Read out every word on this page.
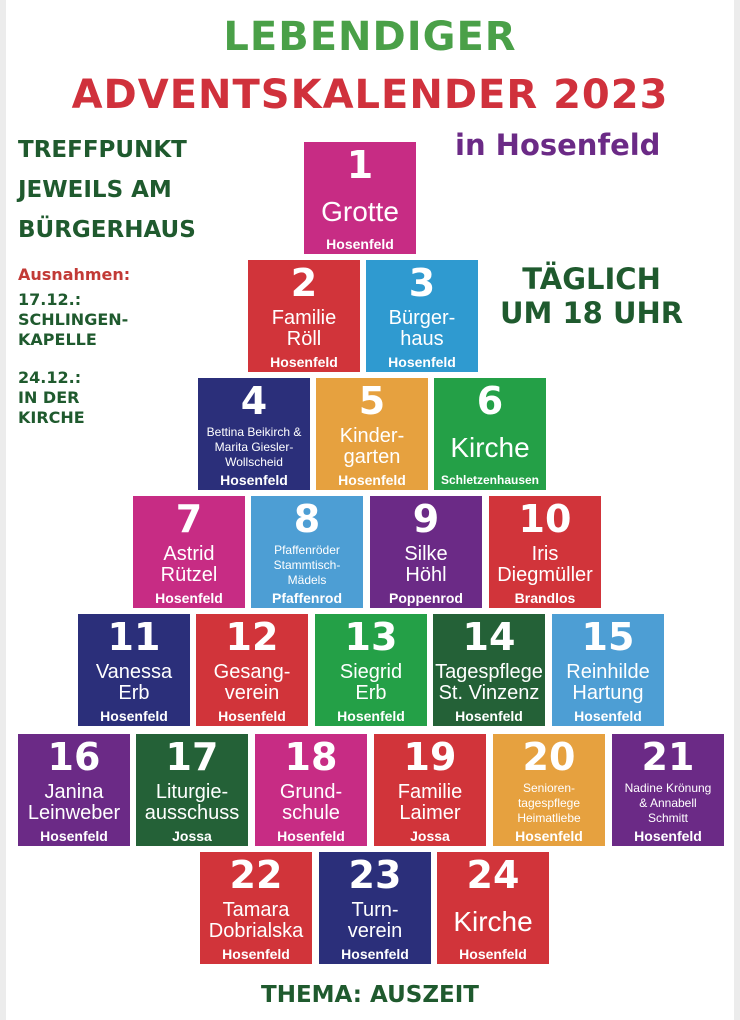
LEBENDIGER
ADVENTSKALENDER 2023
TREFFPUNKT
JEWEILS AM
BÜRGERHAUS
in Hosenfeld
Ausnahmen:
17.12.:
SCHLINGEN-
KAPELLE
24.12.:
IN DER
KIRCHE
TÄGLICH
UM 18 UHR
1
Grotte
Hosenfeld
2
Familie
Röll
Hosenfeld
3
Bürger-
haus
Hosenfeld
4
Bettina Beikirch &
Marita Giesler-
Wollscheid
Hosenfeld
5
Kinder-
garten
Hosenfeld
6
Kirche
Schletzenhausen
7
Astrid
Rützel
Hosenfeld
8
Pfaffenröder
Stammtisch-
Mädels
Pfaffenrod
9
Silke
Höhl
Poppenrod
10
Iris
Diegmüller
Brandlos
11
Vanessa
Erb
Hosenfeld
12
Gesang-
verein
Hosenfeld
13
Siegrid
Erb
Hosenfeld
14
Tagespflege
St. Vinzenz
Hosenfeld
15
Reinhilde
Hartung
Hosenfeld
16
Janina
Leinweber
Hosenfeld
17
Liturgie-
ausschuss
Jossa
18
Grund-
schule
Hosenfeld
19
Familie
Laimer
Jossa
20
Senioren-
tagespflege
Heimatliebe
Hosenfeld
21
Nadine Krönung
& Annabell
Schmitt
Hosenfeld
22
Tamara
Dobrialska
Hosenfeld
23
Turn-
verein
Hosenfeld
24
Kirche
Hosenfeld
THEMA: AUSZEIT
